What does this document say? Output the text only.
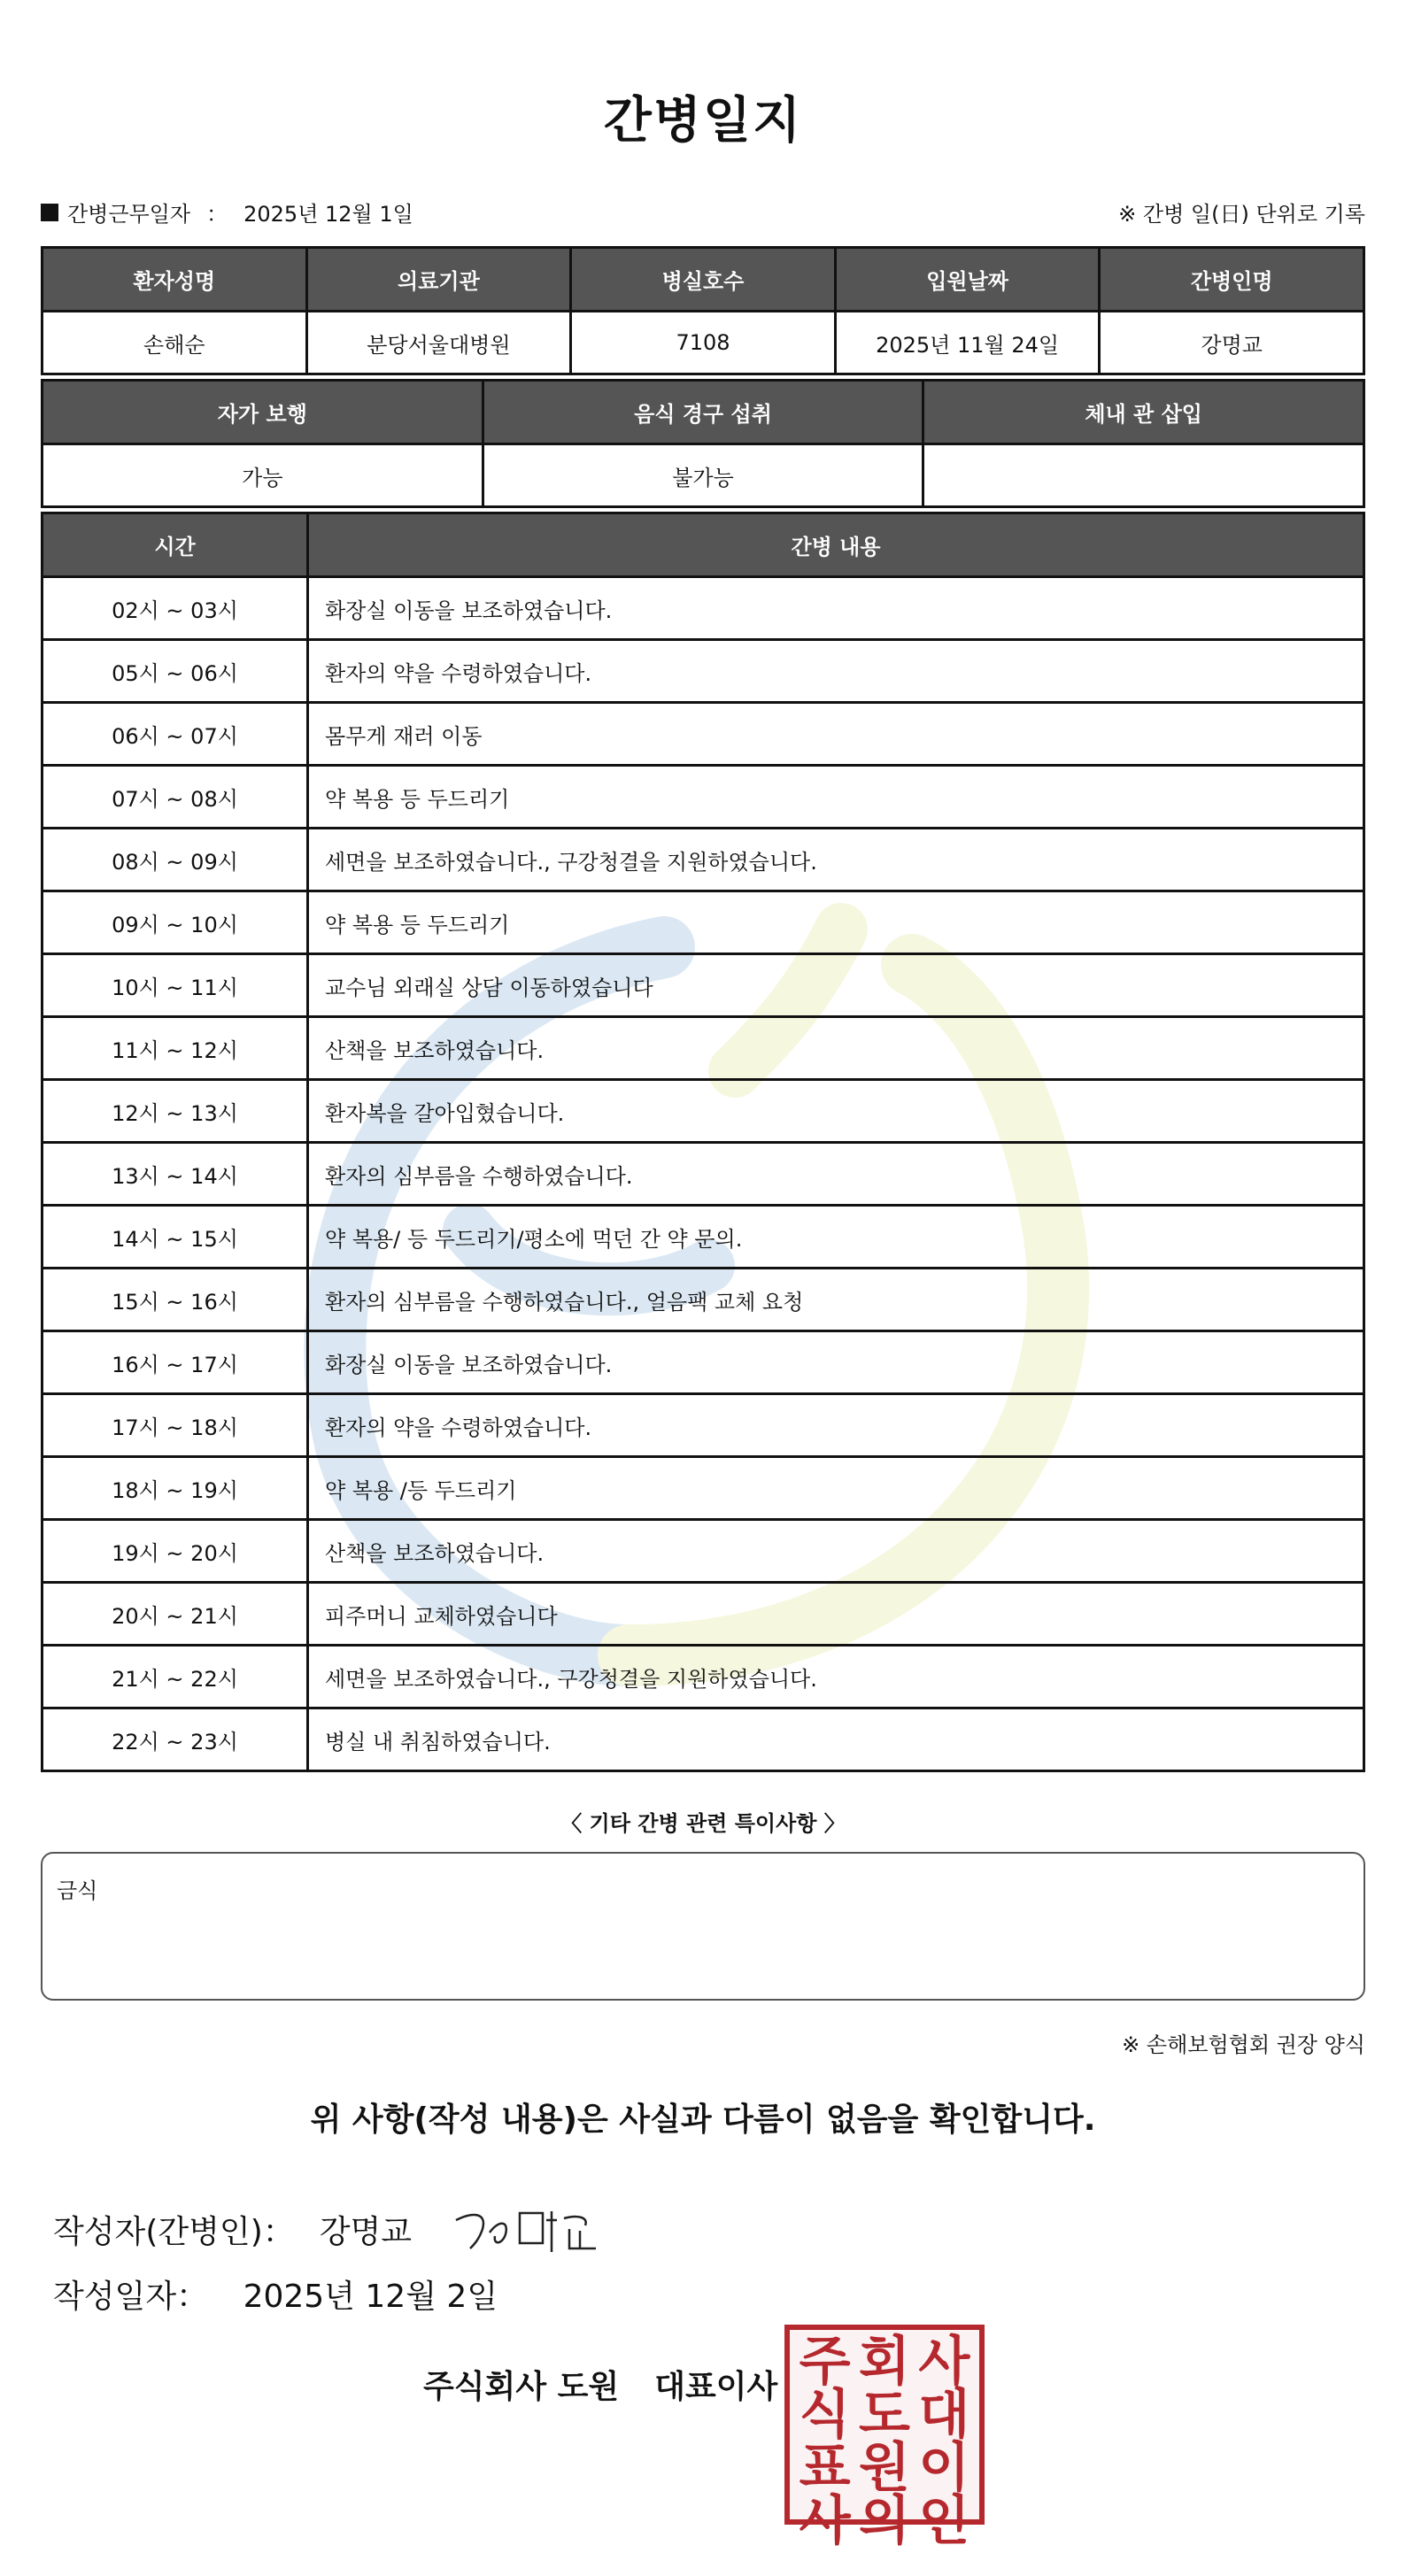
간병일지
간병근무일자 ： 2025년 12월 1일	※ 간병 일(日) 단위로 기록
환자성명	의료기관	병실호수	입원날짜	간병인명
손해순	분당서울대병원	7108	2025년 11월 24일	강명교
자가 보행	음식 경구 섭취	체내 관 삽입
가능	불가능	
시간	간병 내용
02시 ~ 03시	화장실 이동을 보조하였습니다.
05시 ~ 06시	환자의 약을 수령하였습니다.
06시 ~ 07시	몸무게 재러 이동
07시 ~ 08시	약 복용 등 두드리기
08시 ~ 09시	세면을 보조하였습니다., 구강청결을 지원하였습니다.
09시 ~ 10시	약 복용 등 두드리기
10시 ~ 11시	교수님 외래실 상담 이동하였습니다
11시 ~ 12시	산책을 보조하였습니다.
12시 ~ 13시	환자복을 갈아입혔습니다.
13시 ~ 14시	환자의 심부름을 수행하였습니다.
14시 ~ 15시	약 복용/ 등 두드리기/평소에 먹던 간 약 문의.
15시 ~ 16시	환자의 심부름을 수행하였습니다., 얼음팩 교체 요청
16시 ~ 17시	화장실 이동을 보조하였습니다.
17시 ~ 18시	환자의 약을 수령하였습니다.
18시 ~ 19시	약 복용 /등 두드리기
19시 ~ 20시	산책을 보조하였습니다.
20시 ~ 21시	피주머니 교체하였습니다
21시 ~ 22시	세면을 보조하였습니다., 구강청결을 지원하였습니다.
22시 ~ 23시	병실 내 취침하였습니다.
〈 기타 간병 관련 특이사항 〉
금식
※ 손해보험협회 권장 양식
위 사항(작성 내용)은 사실과 다름이 없음을 확인합니다.
작성자(간병인)： 강명교
작성일자： 2025년 12월 2일
주식회사 도원 대표이사 주 회 사
식 도 대
표 원 이
사 의 인
